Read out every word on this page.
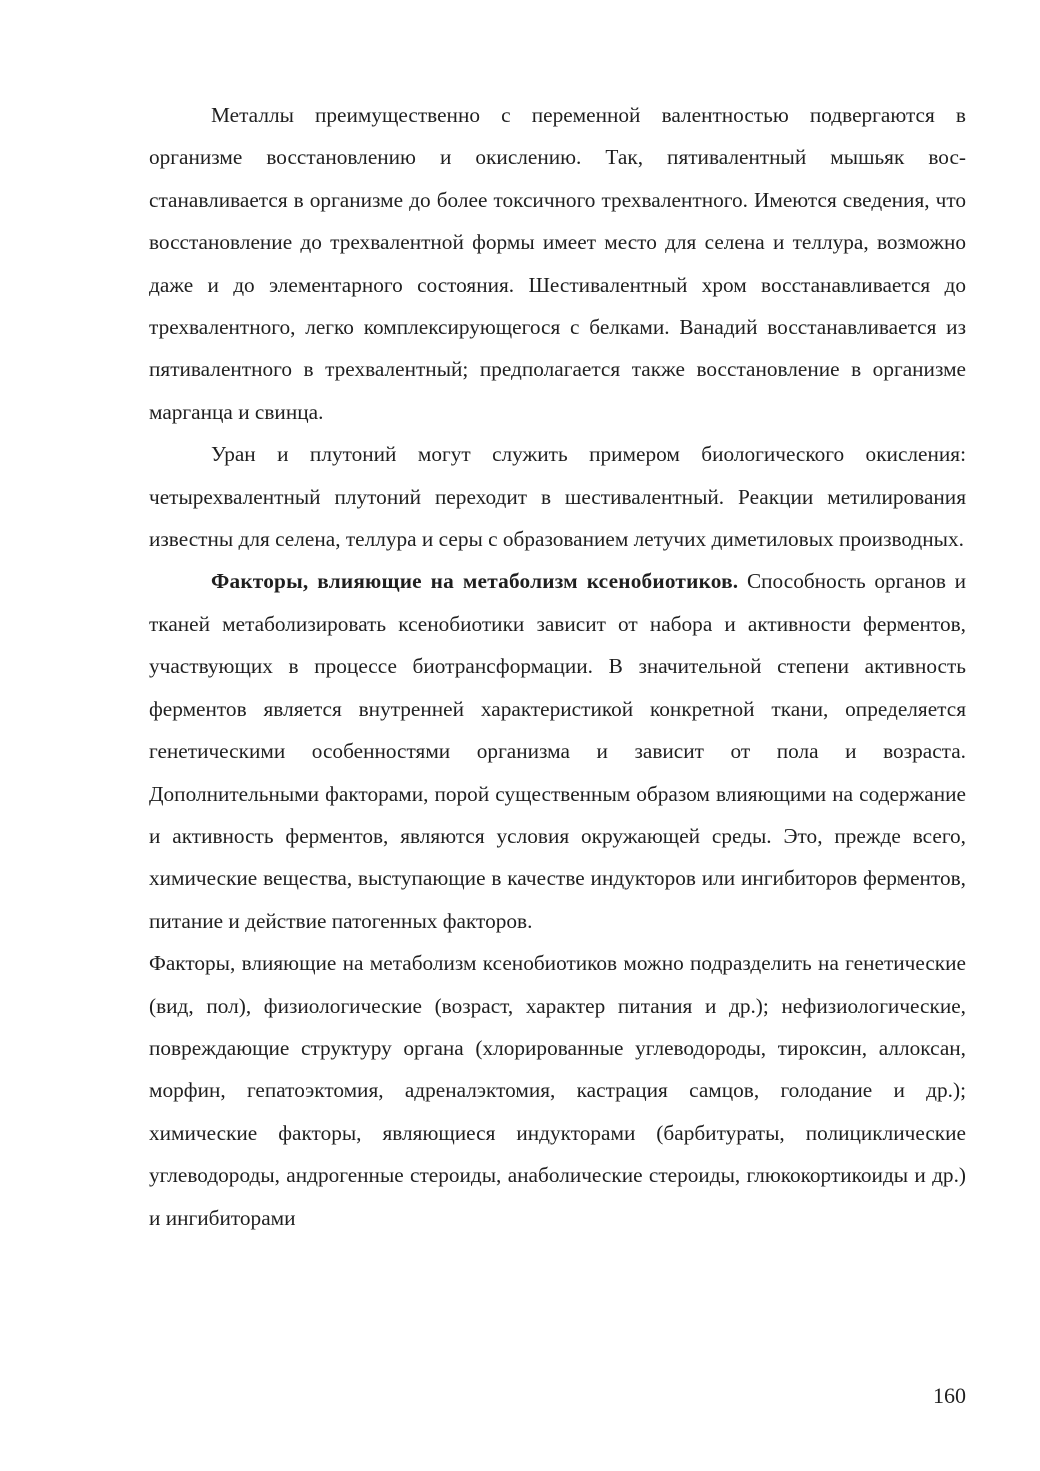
Металлы преимущественно с переменной валентностью подвергаются в организме восстановлению и окислению. Так, пятивалентный мышьяк восстанавливается в организме до более токсичного трехвалентного. Имеются сведения, что восстановление до трехвалентной формы имеет место для селена и теллура, возможно даже и до элементарного состояния. Шестивалентный хром восстанавливается до трехвалентного, легко комплексирующегося с белками. Ванадий восстанавливается из пятивалентного в трехвалентный; предполагается также восстановление в организме марганца и свинца.

Уран и плутоний могут служить примером биологического окисления: четырехвалентный плутоний переходит в шестивалентный. Реакции метилирования известны для селена, теллура и серы с образованием летучих диметиловых производных.

Факторы, влияющие на метаболизм ксенобиотиков. Способность органов и тканей метаболизировать ксенобиотики зависит от набора и активности ферментов, участвующих в процессе биотрансформации. В значительной степени активность ферментов является внутренней характеристикой конкретной ткани, определяется генетическими особенностями организма и зависит от пола и возраста. Дополнительными факторами, порой существенным образом влияющими на содержание и активность ферментов, являются условия окружающей среды. Это, прежде всего, химические вещества, выступающие в качестве индукторов или ингибиторов ферментов, питание и действие патогенных факторов.

Факторы, влияющие на метаболизм ксенобиотиков можно подразделить на генетические (вид, пол), физиологические (возраст, характер питания и др.); нефизиологические, повреждающие структуру органа (хлорированные углеводороды, тироксин, аллоксан, морфин, гепатоэктомия, адреналэктомия, кастрация самцов, голодание и др.); химические факторы, являющиеся индукторами (барбитураты, полициклические углеводороды, андрогенные стероиды, анаболические стероиды, глюкокортикоиды и др.) и ингибиторами

160
